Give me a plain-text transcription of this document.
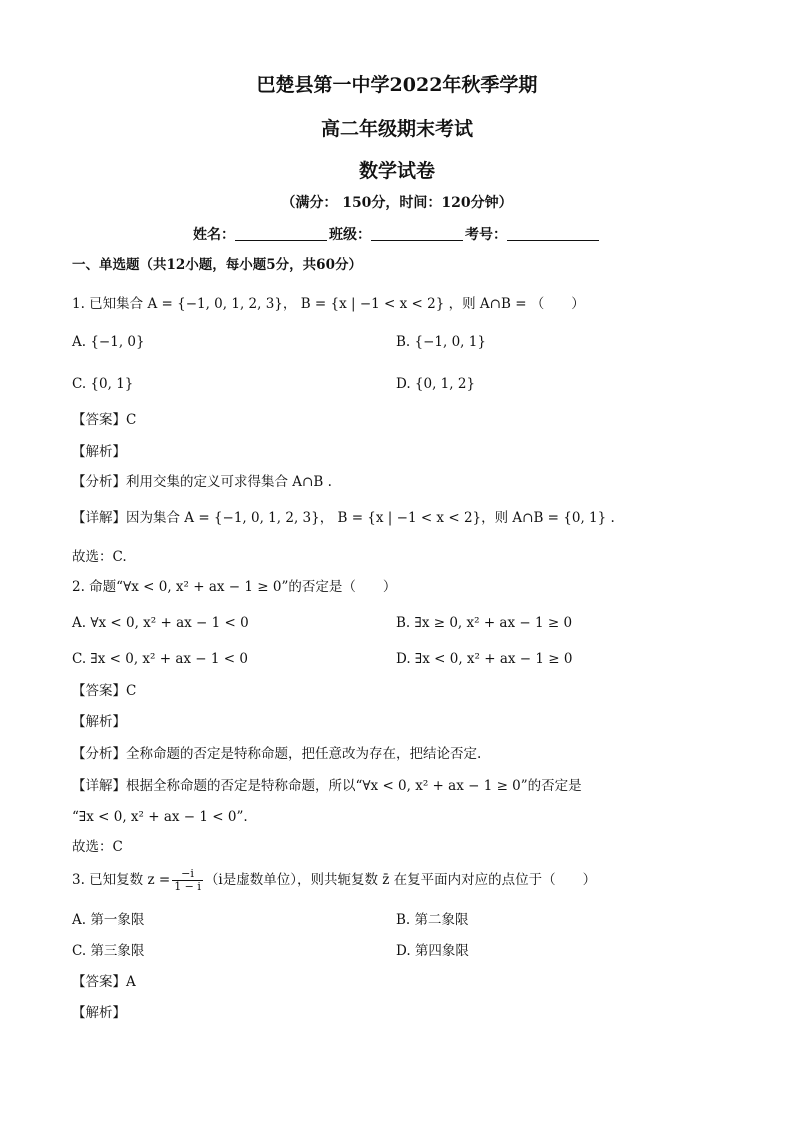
巴楚县第一中学2022年秋季学期
高二年级期末考试
数学试卷
（满分： 150分，时间：120分钟）
姓名：	班级：	考号：
一、单选题（共12小题，每小题5分，共60分）
1. 已知集合 A = {−1, 0, 1, 2, 3}， B = {x | −1 < x < 2} ，则 A∩B = （　　）
A. {−1, 0}	B. {−1, 0, 1}
C. {0, 1}	D. {0, 1, 2}
【答案】C
【解析】
【分析】利用交集的定义可求得集合 A∩B .
【详解】因为集合 A = {−1, 0, 1, 2, 3}， B = {x | −1 < x < 2}，则 A∩B = {0, 1} .
故选：C.
2. 命题“∀x < 0, x² + ax − 1 ≥ 0”的否定是（　　）
A. ∀x < 0, x² + ax − 1 < 0	B. ∃x ≥ 0, x² + ax − 1 ≥ 0
C. ∃x < 0, x² + ax − 1 < 0	D. ∃x < 0, x² + ax − 1 ≥ 0
【答案】C
【解析】
【分析】全称命题的否定是特称命题，把任意改为存在，把结论否定.
【详解】根据全称命题的否定是特称命题，所以“∀x < 0, x² + ax − 1 ≥ 0”的否定是
“∃x < 0, x² + ax − 1 < 0”.
故选：C
3. 已知复数 $z = \frac{-i}{1 - i} (i$是虚数单位），则共轭复数 z̄ 在复平面内对应的点位于（　　）
A. 第一象限	B. 第二象限
C. 第三象限	D. 第四象限
【答案】A
【解析】
